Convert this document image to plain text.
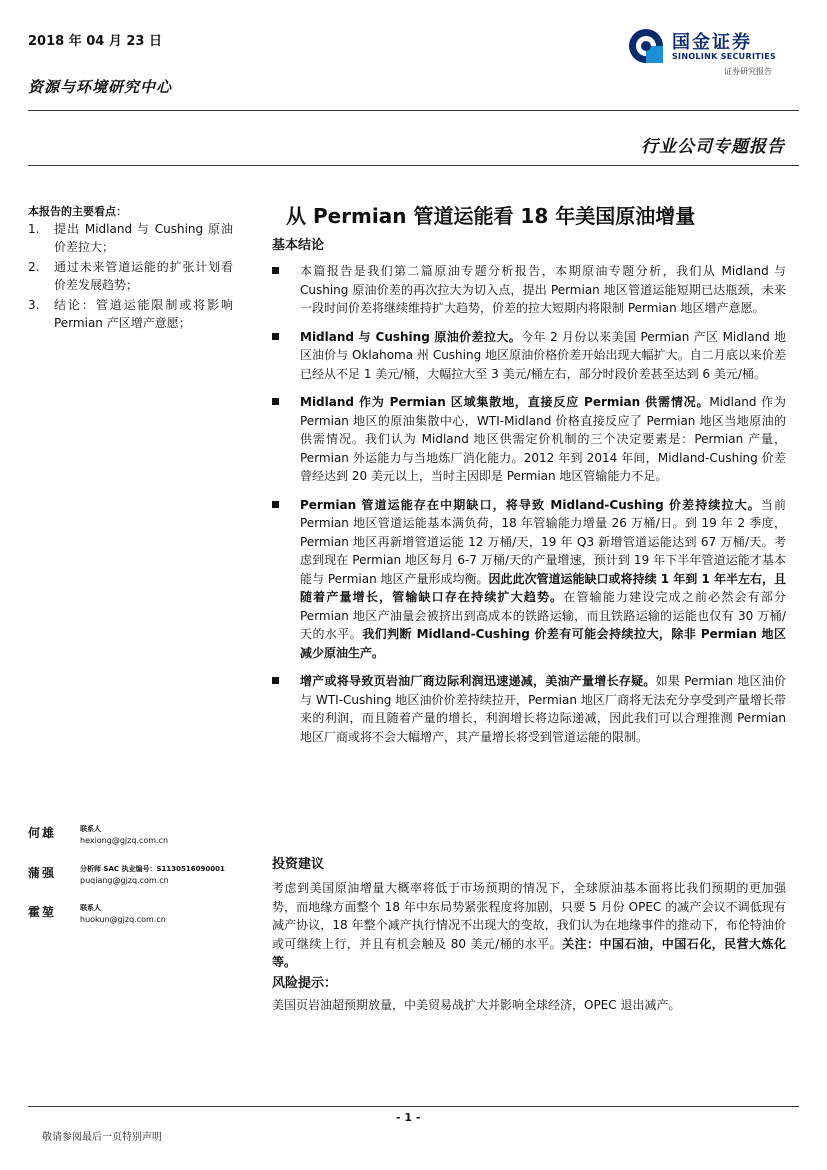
2018 年 04 月 23 日
资源与环境研究中心
国金证券
SINOLINK SECURITIES
证券研究报告
行业公司专题报告
本报告的主要看点：
1. 提出 Midland 与 Cushing 原油价差拉大；
2. 通过未来管道运能的扩张计划看价差发展趋势；
3. 结论：管道运能限制或将影响 Permian 产区增产意愿；
何雄	联系人
hexiong@gjzq.com.cn
蒲强	分析师 SAC 执业编号：S1130516090001
puqiang@gjzq.com.cn
霍堃	联系人
huokun@gjzq.com.cn
从 Permian 管道运能看 18 年美国原油增量
基本结论
本篇报告是我们第二篇原油专题分析报告，本期原油专题分析，我们从 Midland 与 Cushing 原油价差的再次拉大为切入点，提出 Permian 地区管道运能短期已达瓶颈，未来一段时间价差将继续维持扩大趋势，价差的拉大短期内将限制 Permian 地区增产意愿。
Midland 与 Cushing 原油价差拉大。今年 2 月份以来美国 Permian 产区 Midland 地区油价与 Oklahoma 州 Cushing 地区原油价格价差开始出现大幅扩大。自二月底以来价差已经从不足 1 美元/桶，大幅拉大至 3 美元/桶左右，部分时段价差甚至达到 6 美元/桶。
Midland 作为 Permian 区域集散地，直接反应 Permian 供需情况。Midland 作为 Permian 地区的原油集散中心，WTI-Midland 价格直接反应了 Permian 地区当地原油的供需情况。我们认为 Midland 地区供需定价机制的三个决定要素是：Permian 产量，Permian 外运能力与当地炼厂消化能力。2012 年到 2014 年间，Midland-Cushing 价差曾经达到 20 美元以上，当时主因即是 Permian 地区管输能力不足。
Permian 管道运能存在中期缺口，将导致 Midland-Cushing 价差持续拉大。当前 Permian 地区管道运能基本满负荷，18 年管输能力增量 26 万桶/日。到 19 年 2 季度，Permian 地区再新增管道运能 12 万桶/天，19 年 Q3 新增管道运能达到 67 万桶/天。考虑到现在 Permian 地区每月 6-7 万桶/天的产量增速，预计到 19 年下半年管道运能才基本能与 Permian 地区产量形成均衡。因此此次管道运能缺口或将持续 1 年到 1 年半左右，且随着产量增长，管输缺口存在持续扩大趋势。在管输能力建设完成之前必然会有部分 Permian 地区产油量会被挤出到高成本的铁路运输，而且铁路运输的运能也仅有 30 万桶/天的水平。我们判断 Midland-Cushing 价差有可能会持续拉大，除非 Permian 地区减少原油生产。
增产或将导致页岩油厂商边际利润迅速递减，美油产量增长存疑。如果 Permian 地区油价与 WTI-Cushing 地区油价价差持续拉开，Permian 地区厂商将无法充分享受到产量增长带来的利润，而且随着产量的增长，利润增长将边际递减，因此我们可以合理推测 Permian 地区厂商或将不会大幅增产，其产量增长将受到管道运能的限制。
投资建议
考虑到美国原油增量大概率将低于市场预期的情况下，全球原油基本面将比我们预期的更加强势，而地缘方面整个 18 年中东局势紧张程度将加剧，只要 5 月份 OPEC 的减产会议不调低现有减产协议，18 年整个减产执行情况不出现大的变故，我们认为在地缘事件的推动下，布伦特油价或可继续上行，并且有机会触及 80 美元/桶的水平。关注：中国石油，中国石化，民营大炼化等。
风险提示：
美国页岩油超预期放量，中美贸易战扩大并影响全球经济，OPEC 退出减产。
- 1 -
敬请参阅最后一页特别声明
